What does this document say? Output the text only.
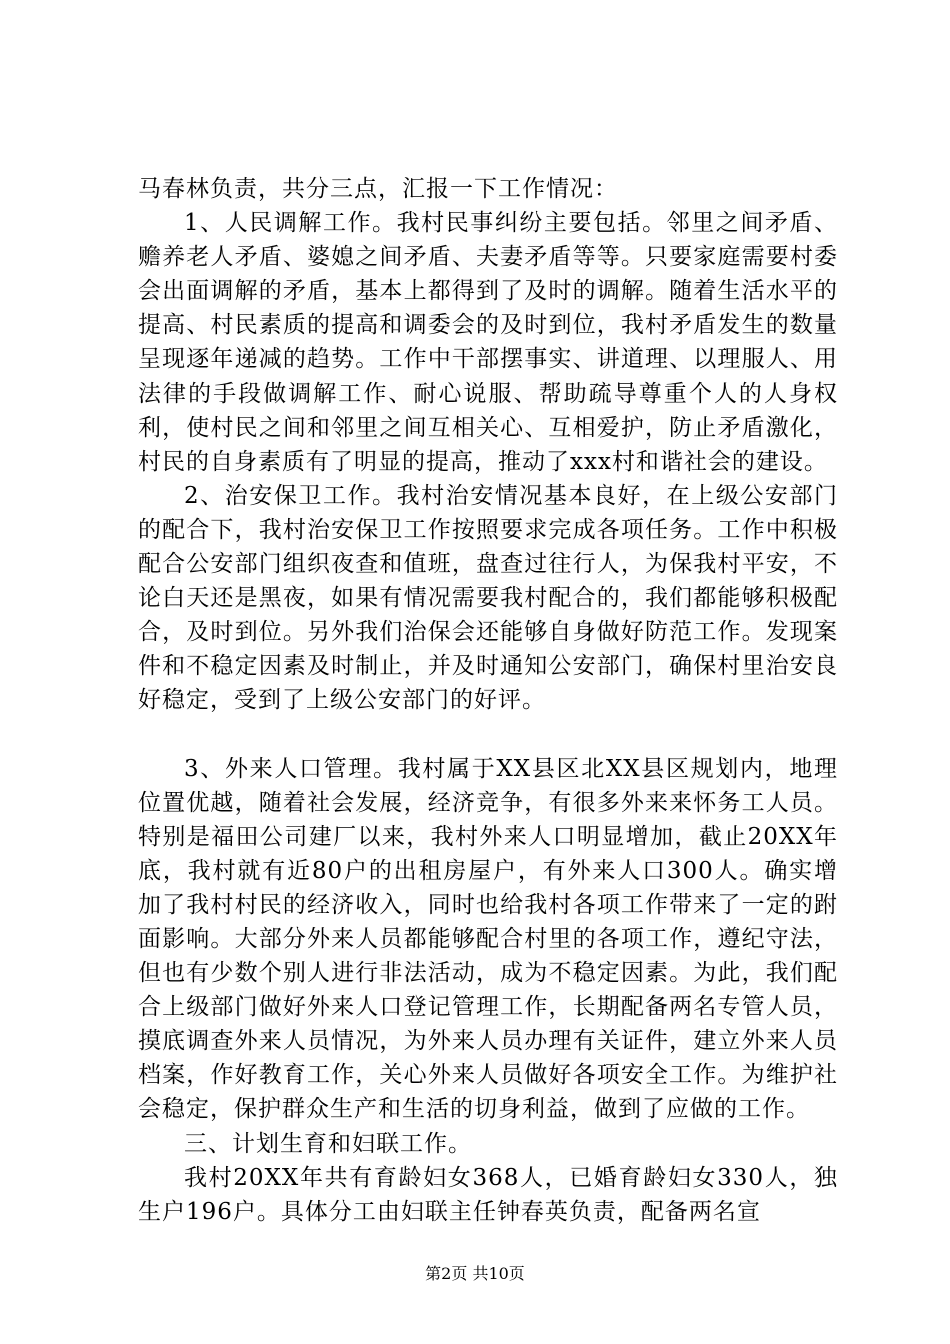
马春林负责，共分三点，汇报一下工作情况：

1、人民调解工作。我村民事纠纷主要包括。邻里之间矛盾、赡养老人矛盾、婆媳之间矛盾、夫妻矛盾等等。只要家庭需要村委会出面调解的矛盾，基本上都得到了及时的调解。随着生活水平的提高、村民素质的提高和调委会的及时到位，我村矛盾发生的数量呈现逐年递减的趋势。工作中干部摆事实、讲道理、以理服人、用法律的手段做调解工作、耐心说服、帮助疏导尊重个人的人身权利，使村民之间和邻里之间互相关心、互相爱护，防止矛盾激化，村民的自身素质有了明显的提高，推动了xxx村和谐社会的建设。

2、治安保卫工作。我村治安情况基本良好，在上级公安部门的配合下，我村治安保卫工作按照要求完成各项任务。工作中积极配合公安部门组织夜查和值班，盘查过往行人，为保我村平安，不论白天还是黑夜，如果有情况需要我村配合的，我们都能够积极配合，及时到位。另外我们治保会还能够自身做好防范工作。发现案件和不稳定因素及时制止，并及时通知公安部门，确保村里治安良好稳定，受到了上级公安部门的好评。

3、外来人口管理。我村属于XX县区北XX县区规划内，地理位置优越，随着社会发展，经济竞争，有很多外来来怀务工人员。特别是福田公司建厂以来，我村外来人口明显增加，截止20XX年底，我村就有近80户的出租房屋户，有外来人口300人。确实增加了我村村民的经济收入，同时也给我村各项工作带来了一定的跗面影响。大部分外来人员都能够配合村里的各项工作，遵纪守法，但也有少数个别人进行非法活动，成为不稳定因素。为此，我们配合上级部门做好外来人口登记管理工作，长期配备两名专管人员，摸底调查外来人员情况，为外来人员办理有关证件，建立外来人员档案，作好教育工作，关心外来人员做好各项安全工作。为维护社会稳定，保护群众生产和生活的切身利益，做到了应做的工作。

三、计划生育和妇联工作。

我村20XX年共有育龄妇女368人，已婚育龄妇女330人，独生户196户。具体分工由妇联主任钟春英负责，配备两名宣

第2页 共10页
